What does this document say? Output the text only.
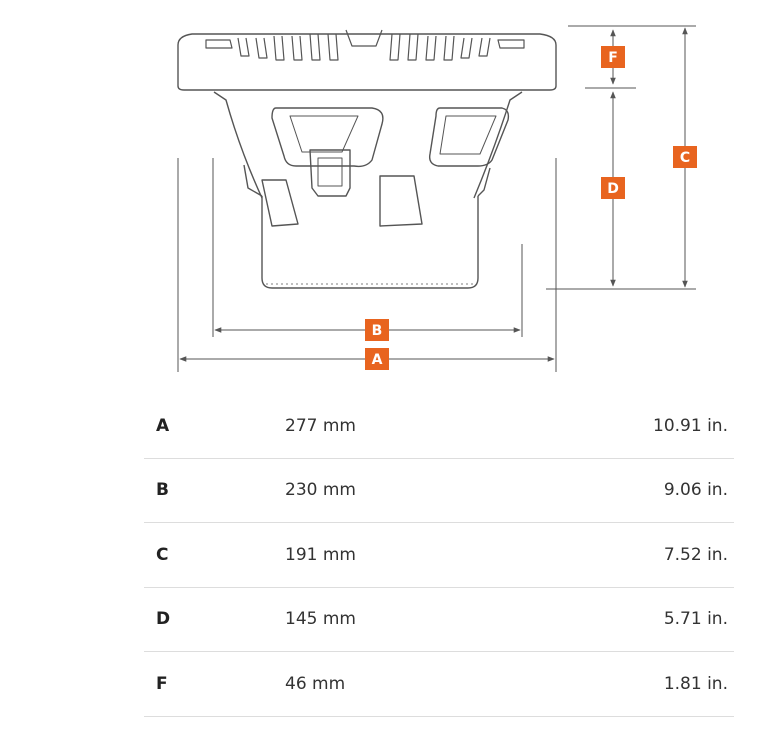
A
B
C
D
F
A	277 mm	10.91 in.
B	230 mm	9.06 in.
C	191 mm	7.52 in.
D	145 mm	5.71 in.
F	46 mm	1.81 in.
